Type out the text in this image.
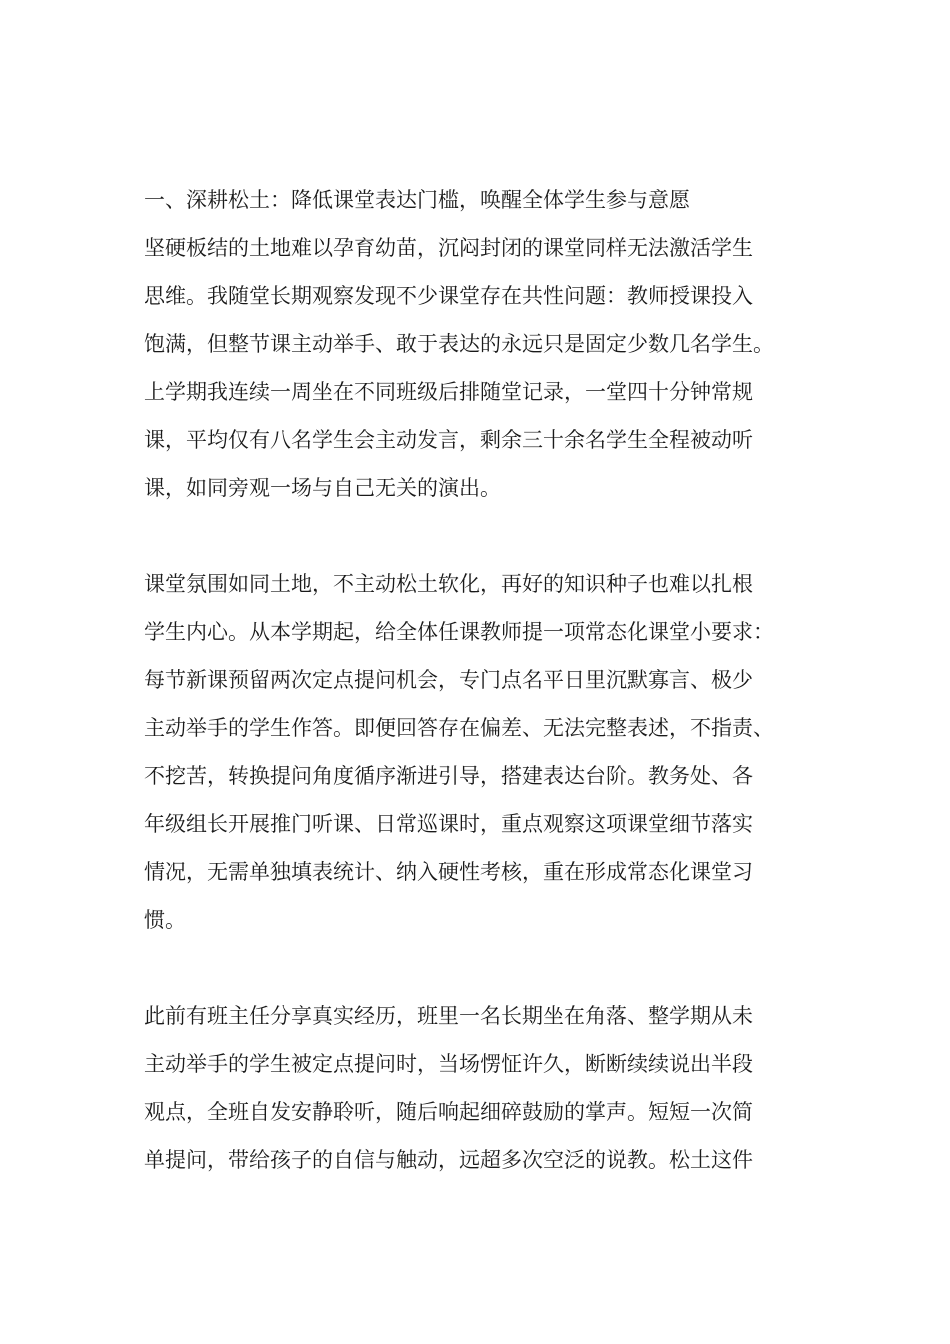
一、深耕松土：降低课堂表达门槛，唤醒全体学生参与意愿
坚硬板结的土地难以孕育幼苗，沉闷封闭的课堂同样无法激活学生
思维。我随堂长期观察发现不少课堂存在共性问题：教师授课投入
饱满，但整节课主动举手、敢于表达的永远只是固定少数几名学生。
上学期我连续一周坐在不同班级后排随堂记录，一堂四十分钟常规
课，平均仅有八名学生会主动发言，剩余三十余名学生全程被动听
课，如同旁观一场与自己无关的演出。
课堂氛围如同土地，不主动松土软化，再好的知识种子也难以扎根
学生内心。从本学期起，给全体任课教师提一项常态化课堂小要求：
每节新课预留两次定点提问机会，专门点名平日里沉默寡言、极少
主动举手的学生作答。即便回答存在偏差、无法完整表述，不指责、
不挖苦，转换提问角度循序渐进引导，搭建表达台阶。教务处、各
年级组长开展推门听课、日常巡课时，重点观察这项课堂细节落实
情况，无需单独填表统计、纳入硬性考核，重在形成常态化课堂习
惯。
此前有班主任分享真实经历，班里一名长期坐在角落、整学期从未
主动举手的学生被定点提问时，当场愣怔许久，断断续续说出半段
观点，全班自发安静聆听，随后响起细碎鼓励的掌声。短短一次简
单提问，带给孩子的自信与触动，远超多次空泛的说教。松土这件
